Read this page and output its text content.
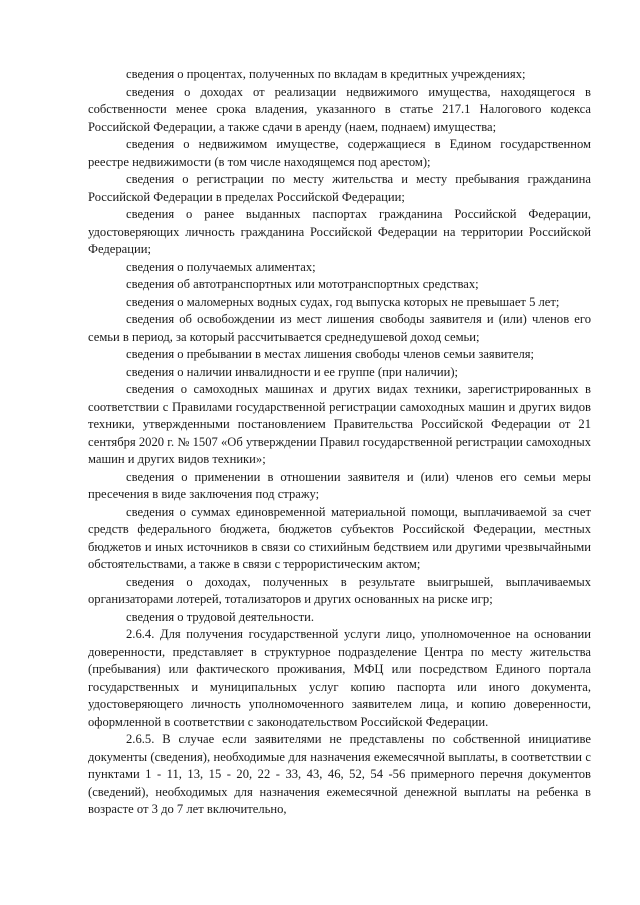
сведения о процентах, полученных по вкладам в кредитных учреждениях;

сведения о доходах от реализации недвижимого имущества, находящегося в собственности менее срока владения, указанного в статье 217.1 Налогового кодекса Российской Федерации, а также сдачи в аренду (наем, поднаем) имущества;

сведения о недвижимом имуществе, содержащиеся в Едином государственном реестре недвижимости (в том числе находящемся под арестом);

сведения о регистрации по месту жительства и месту пребывания гражданина Российской Федерации в пределах Российской Федерации;

сведения о ранее выданных паспортах гражданина Российской Федерации, удостоверяющих личность гражданина Российской Федерации на территории Российской Федерации;

сведения о получаемых алиментах;

сведения об автотранспортных или мототранспортных средствах;

сведения о маломерных водных судах, год выпуска которых не превышает 5 лет;

сведения об освобождении из мест лишения свободы заявителя и (или) членов его семьи в период, за который рассчитывается среднедушевой доход семьи;

сведения о пребывании в местах лишения свободы членов семьи заявителя;

сведения о наличии инвалидности и ее группе (при наличии);

сведения о самоходных машинах и других видах техники, зарегистрированных в соответствии с Правилами государственной регистрации самоходных машин и других видов техники, утвержденными постановлением Правительства Российской Федерации от 21 сентября 2020 г. № 1507 «Об утверждении Правил государственной регистрации самоходных машин и других видов техники»;

сведения о применении в отношении заявителя и (или) членов его семьи меры пресечения в виде заключения под стражу;

сведения о суммах единовременной материальной помощи, выплачиваемой за счет средств федерального бюджета, бюджетов субъектов Российской Федерации, местных бюджетов и иных источников в связи со стихийным бедствием или другими чрезвычайными обстоятельствами, а также в связи с террористическим актом;

сведения о доходах, полученных в результате выигрышей, выплачиваемых организаторами лотерей, тотализаторов и других основанных на риске игр;

сведения о трудовой деятельности.

2.6.4. Для получения государственной услуги лицо, уполномоченное на основании доверенности, представляет в структурное подразделение Центра по месту жительства (пребывания) или фактического проживания, МФЦ или посредством Единого портала государственных и муниципальных услуг копию паспорта или иного документа, удостоверяющего личность уполномоченного заявителем лица, и копию доверенности, оформленной в соответствии с законодательством Российской Федерации.

2.6.5. В случае если заявителями не представлены по собственной инициативе документы (сведения), необходимые для назначения ежемесячной выплаты, в соответствии с пунктами 1 - 11, 13, 15 - 20, 22 - 33, 43, 46, 52, 54 -56 примерного перечня документов (сведений), необходимых для назначения ежемесячной денежной выплаты на ребенка в возрасте от 3 до 7 лет включительно,
